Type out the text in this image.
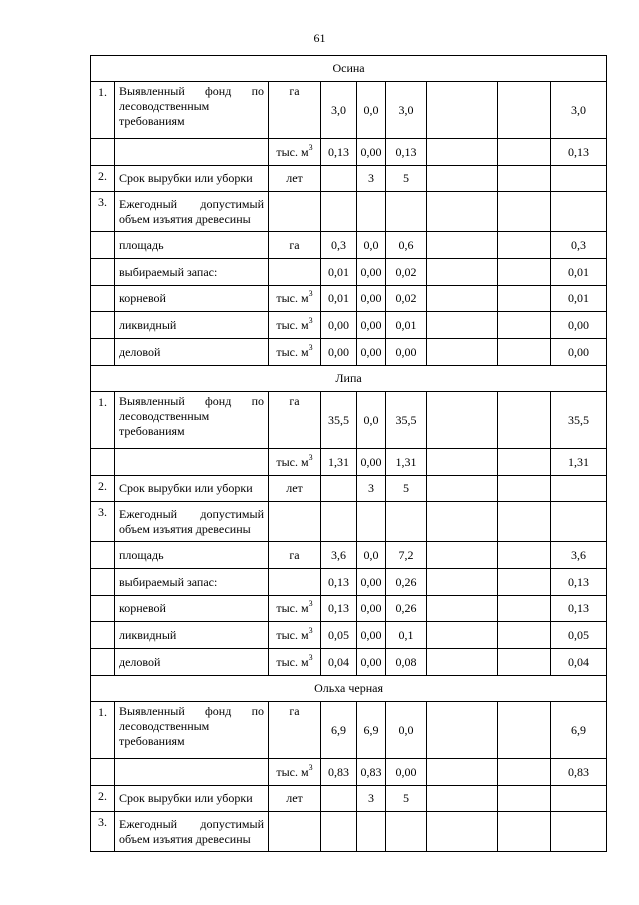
61
Осина								
1.	Выявленный фонд по лесоводственным требованиям	га	3,0	0,0	3,0			3,0
		тыс. $м^3$	0,13	0,00	0,13			0,13
2.	Срок вырубки или уборки	лет		3	5			
3.	Ежегодный допустимый объем изъятия древесины							
	площадь	га	0,3	0,0	0,6			0,3
	выбираемый запас:		0,01	0,00	0,02			0,01
	корневой	тыс. $м^3$	0,01	0,00	0,02			0,01
	ликвидный	тыс. $м^3$	0,00	0,00	0,01			0,00
	деловой	тыс. $м^3$	0,00	0,00	0,00			0,00
Липа								
1.	Выявленный фонд по лесоводственным требованиям	га	35,5	0,0	35,5			35,5
		тыс. $м^3$	1,31	0,00	1,31			1,31
2.	Срок вырубки или уборки	лет		3	5			
3.	Ежегодный допустимый объем изъятия древесины							
	площадь	га	3,6	0,0	7,2			3,6
	выбираемый запас:		0,13	0,00	0,26			0,13
	корневой	тыс. $м^3$	0,13	0,00	0,26			0,13
	ликвидный	тыс. $м^3$	0,05	0,00	0,1			0,05
	деловой	тыс. $м^3$	0,04	0,00	0,08			0,04
Ольха черная								
1.	Выявленный фонд по лесоводственным требованиям	га	6,9	6,9	0,0			6,9
		тыс. $м^3$	0,83	0,83	0,00			0,83
2.	Срок вырубки или уборки	лет		3	5			
3.	Ежегодный допустимый объем изъятия древесины							
